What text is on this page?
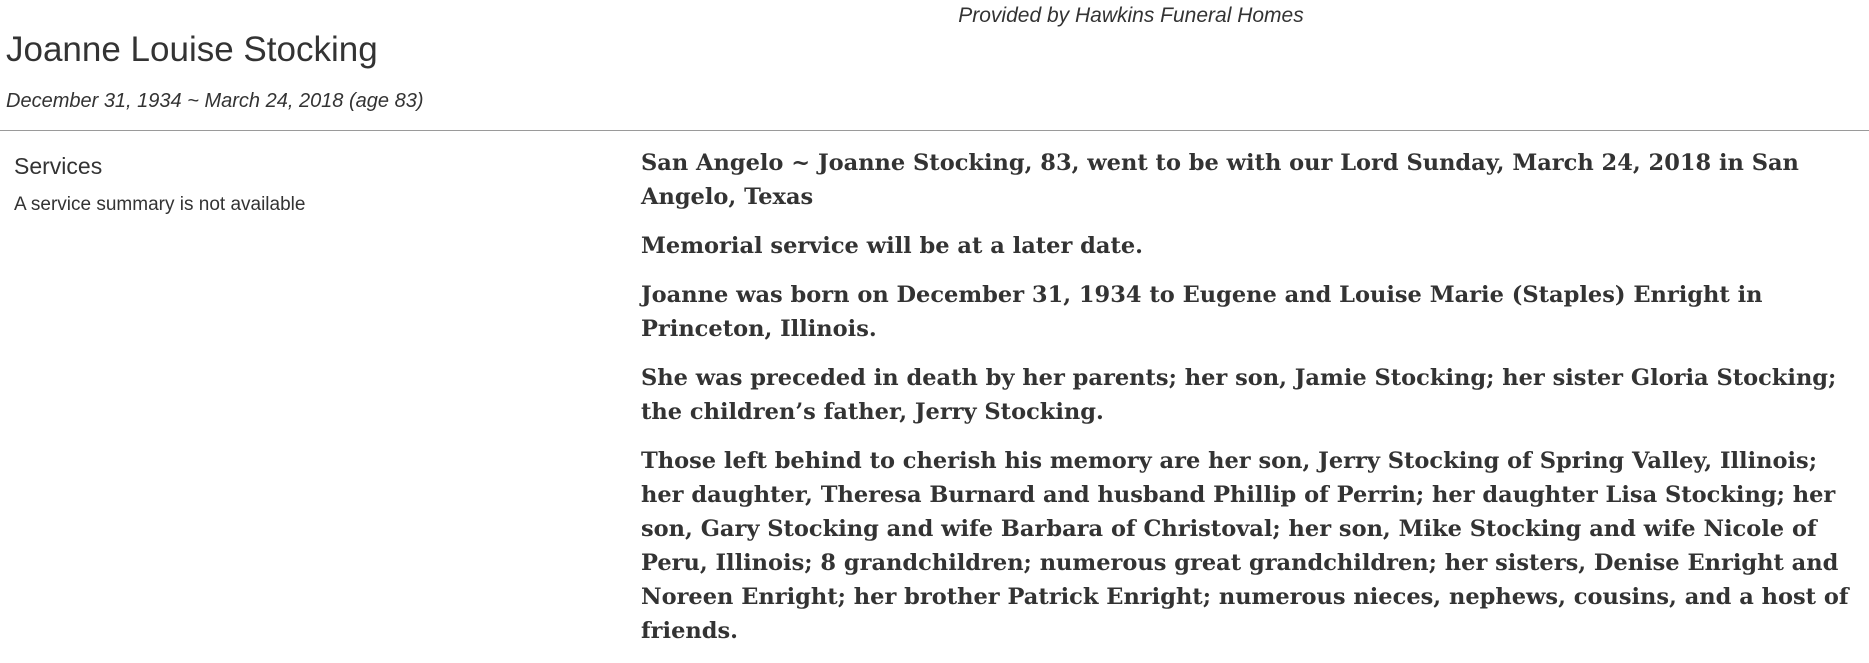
Provided by Hawkins Funeral Homes
Joanne Louise Stocking
December 31, 1934 ~ March 24, 2018 (age 83)
Services
A service summary is not available

San Angelo ~ Joanne Stocking, 83, went to be with our Lord Sunday, March 24, 2018 in San Angelo, Texas

Memorial service will be at a later date.

Joanne was born on December 31, 1934 to Eugene and Louise Marie (Staples) Enright in Princeton, Illinois.

She was preceded in death by her parents; her son, Jamie Stocking; her sister Gloria Stocking; the children’s father, Jerry Stocking.

Those left behind to cherish his memory are her son, Jerry Stocking of Spring Valley, Illinois; her daughter, Theresa Burnard and husband Phillip of Perrin; her daughter Lisa Stocking; her son, Gary Stocking and wife Barbara of Christoval; her son, Mike Stocking and wife Nicole of Peru, Illinois; 8 grandchildren; numerous great grandchildren; her sisters, Denise Enright and Noreen Enright; her brother Patrick Enright; numerous nieces, nephews, cousins, and a host of friends.
